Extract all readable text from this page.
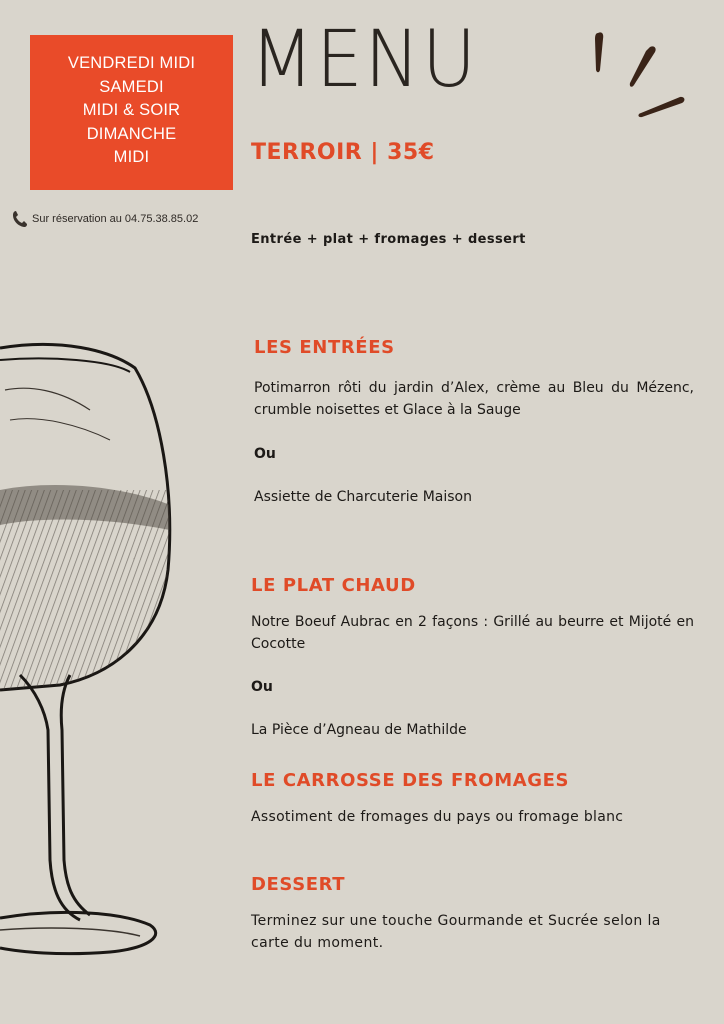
VENDREDI MIDI
SAMEDI
MIDI & SOIR
DIMANCHE
MIDI
Sur réservation au 04.75.38.85.02
MENU
TERROIR | 35€
Entrée + plat + fromages + dessert
LES ENTRÉES

Potimarron rôti du jardin d’Alex, crème au Bleu du Mézenc, crumble noisettes et Glace à la Sauge

Ou

Assiette de Charcuterie Maison

LE PLAT CHAUD

Notre Boeuf Aubrac en 2 façons : Grillé au beurre et Mijoté en Cocotte

Ou

La Pièce d’Agneau de Mathilde

LE CARROSSE DES FROMAGES

Assotiment de fromages du pays ou fromage blanc

DESSERT

Terminez sur une touche Gourmande et Sucrée selon la carte du moment.
